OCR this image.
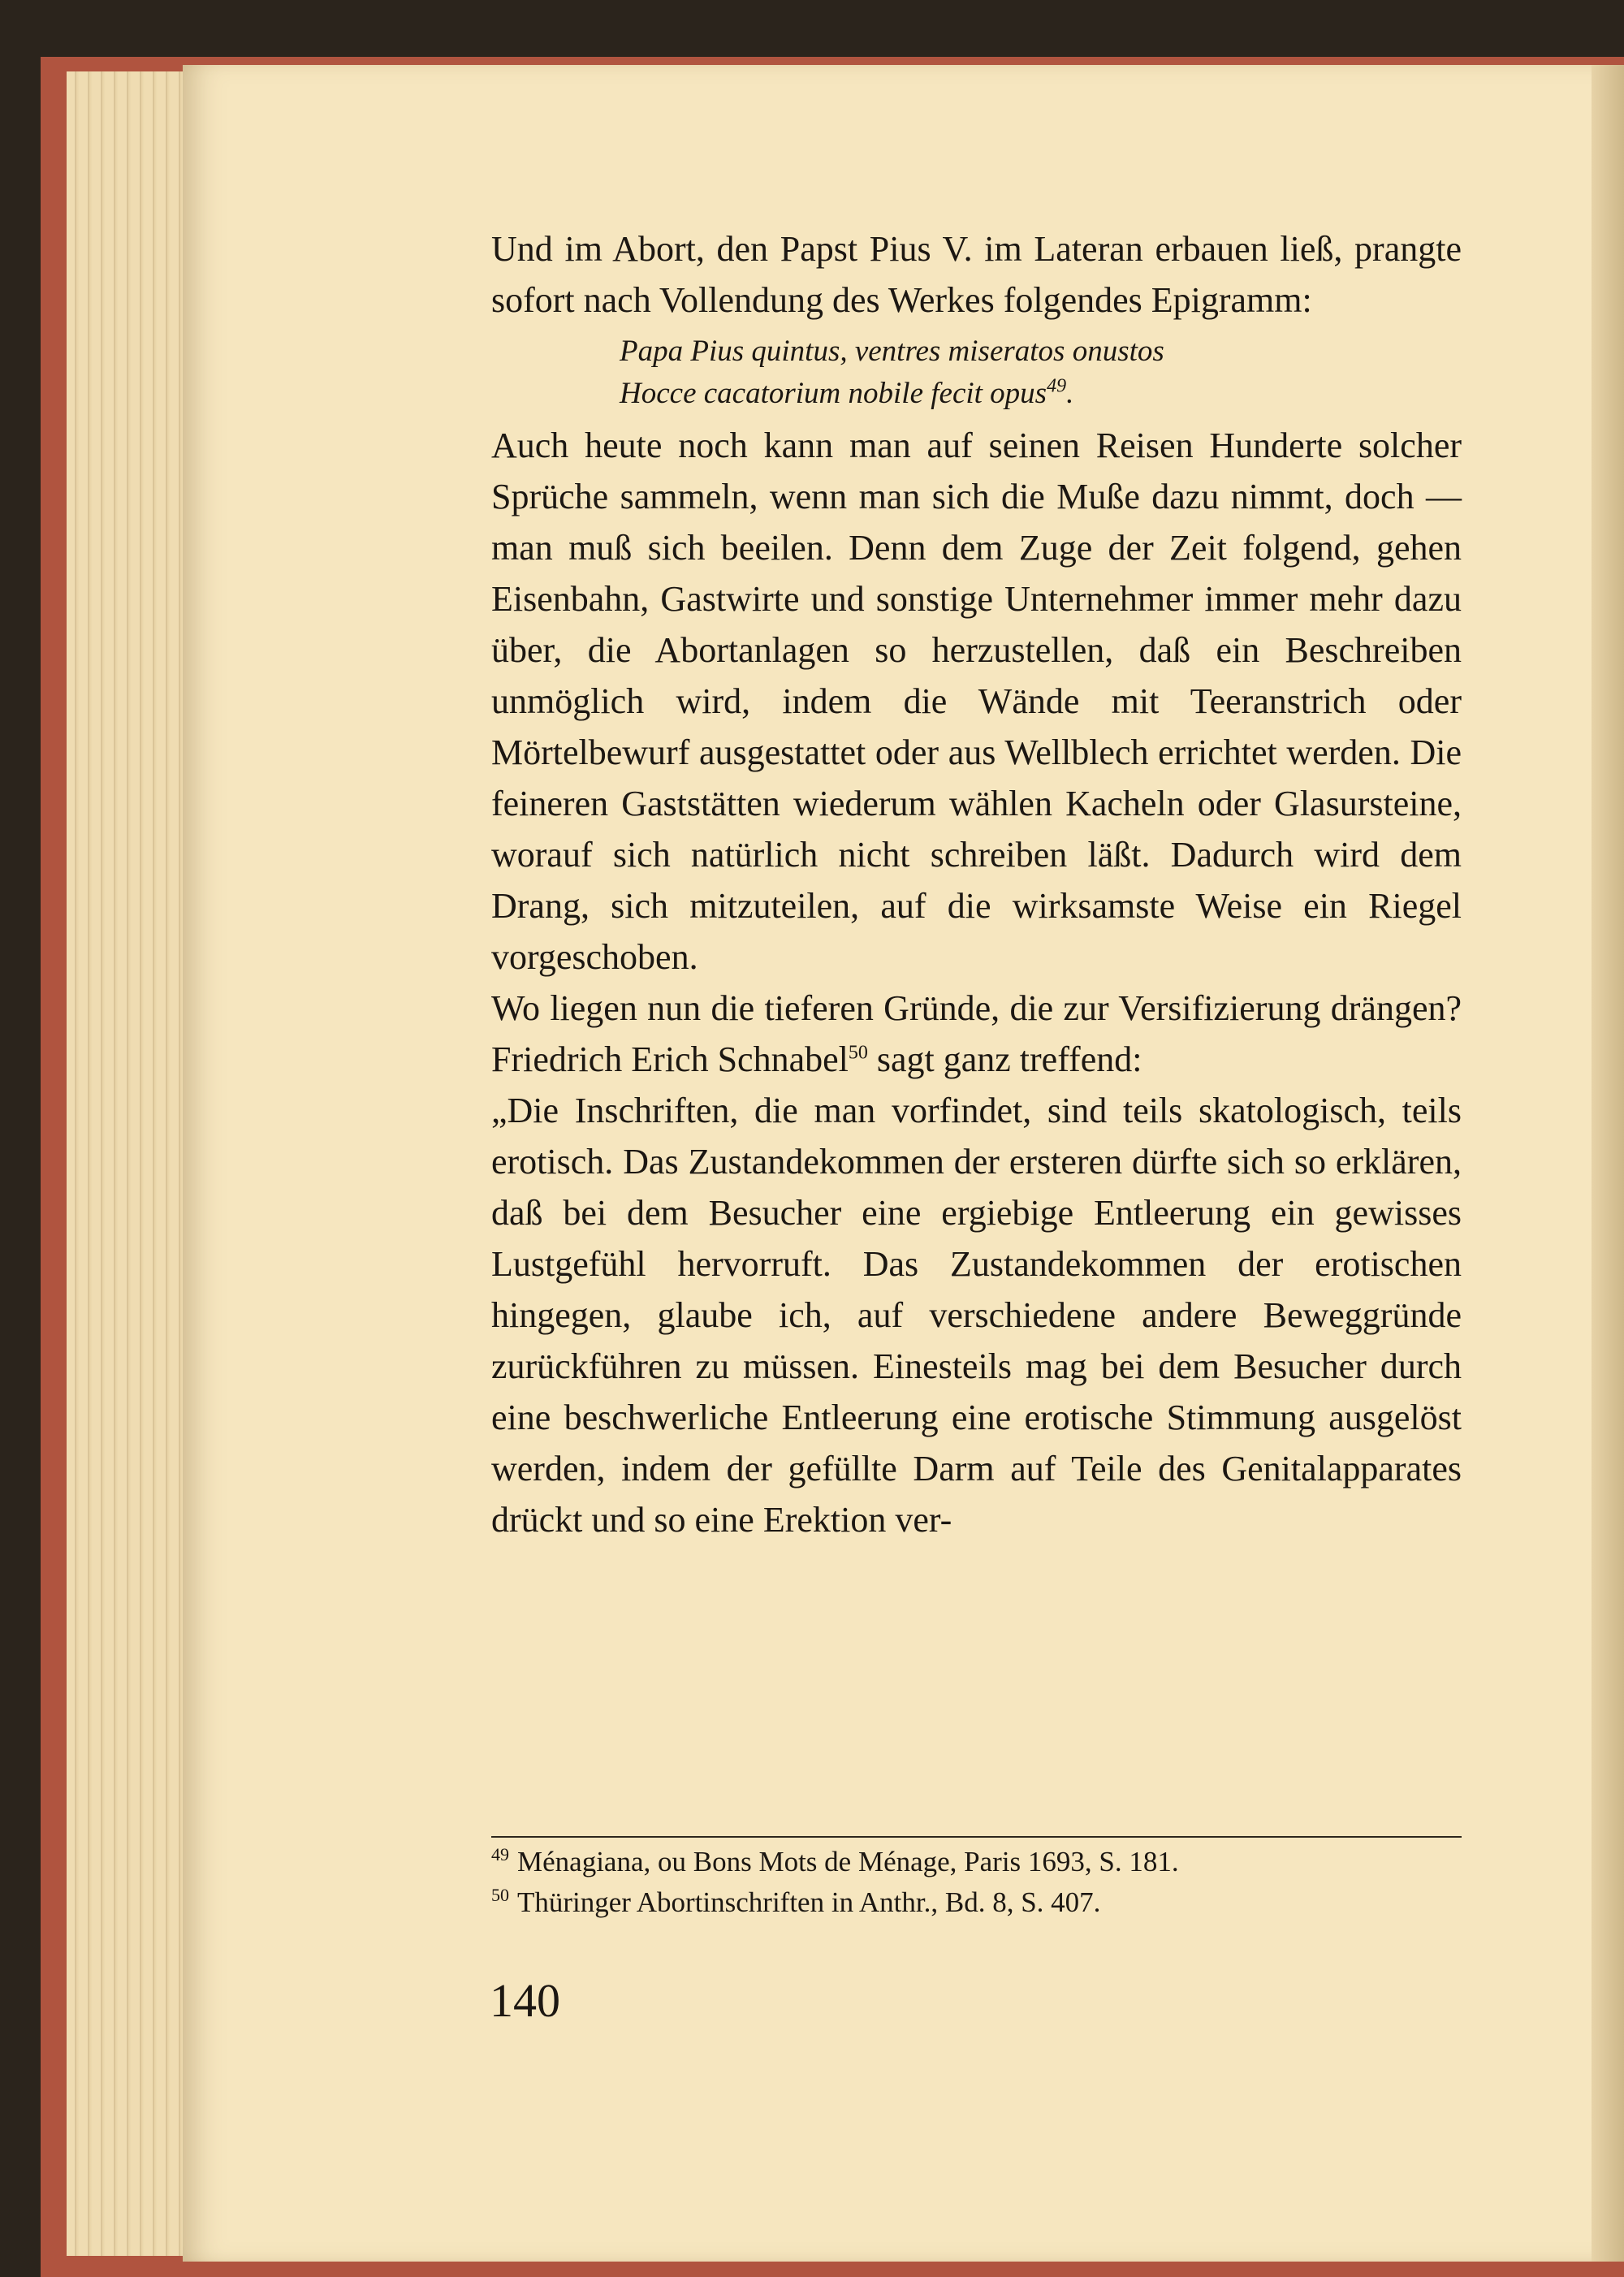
Und im Abort, den Papst Pius V. im Lateran erbauen ließ, prangte sofort nach Vollendung des Werkes folgendes Epigramm:

Papa Pius quintus, ventres miseratos onustos
Hocce cacatorium nobile fecit opus$^{49}$.

Auch heute noch kann man auf seinen Reisen Hunderte solcher Sprüche sammeln, wenn man sich die Muße dazu nimmt, doch — man muß sich beeilen. Denn dem Zuge der Zeit folgend, gehen Eisenbahn, Gastwirte und sonstige Unternehmer immer mehr dazu über, die Abortanlagen so herzustellen, daß ein Beschreiben unmöglich wird, indem die Wände mit Teeranstrich oder Mörtelbewurf ausgestattet oder aus Wellblech errichtet werden. Die feineren Gaststätten wiederum wählen Kacheln oder Glasursteine, worauf sich natürlich nicht schreiben läßt. Dadurch wird dem Drang, sich mitzuteilen, auf die wirksamste Weise ein Riegel vorgeschoben.

Wo liegen nun die tieferen Gründe, die zur Versifizierung drängen? Friedrich Erich Schnabel$^{50}$ sagt ganz treffend:

„Die Inschriften, die man vorfindet, sind teils skatologisch, teils erotisch. Das Zustandekommen der ersteren dürfte sich so erklären, daß bei dem Besucher eine ergiebige Entleerung ein gewisses Lustgefühl hervorruft. Das Zustandekommen der erotischen hingegen, glaube ich, auf verschiedene andere Beweggründe zurückführen zu müssen. Einesteils mag bei dem Besucher durch eine beschwerliche Entleerung eine erotische Stimmung ausgelöst werden, indem der gefüllte Darm auf Teile des Genitalapparates drückt und so eine Erektion ver-

$^{49}$ Ménagiana, ou Bons Mots de Ménage, Paris 1693, S. 181.
$^{50}$ Thüringer Abortinschriften in Anthr., Bd. 8, S. 407.
140
